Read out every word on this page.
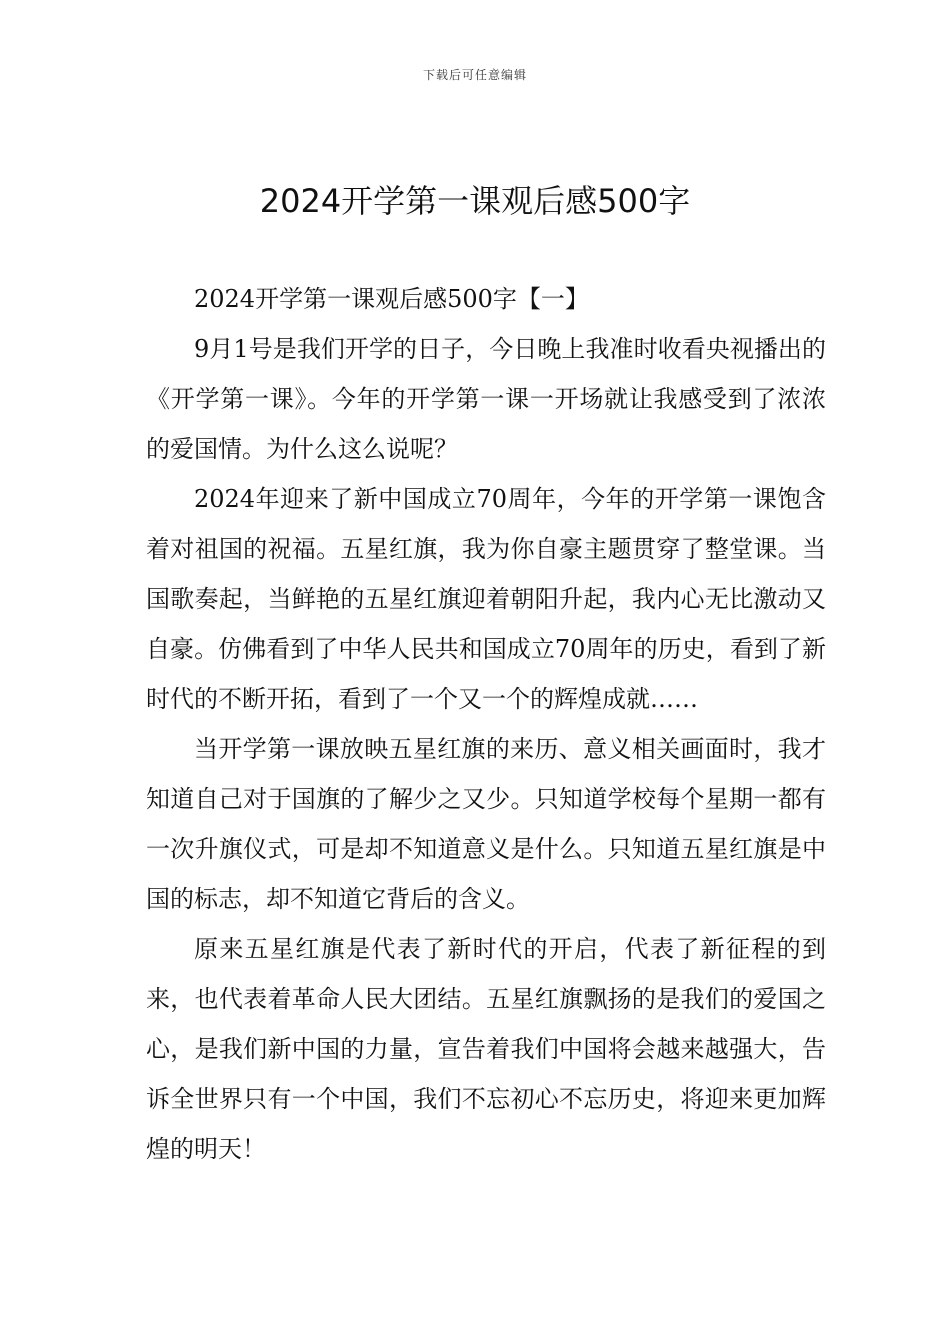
下载后可任意编辑
2024开学第一课观后感500字

2024开学第一课观后感500字【一】

9月1号是我们开学的日子，今日晚上我准时收看央视播出的《开学第一课》。今年的开学第一课一开场就让我感受到了浓浓的爱国情。为什么这么说呢？

2024年迎来了新中国成立70周年，今年的开学第一课饱含着对祖国的祝福。五星红旗，我为你自豪主题贯穿了整堂课。当国歌奏起，当鲜艳的五星红旗迎着朝阳升起，我内心无比激动又自豪。仿佛看到了中华人民共和国成立70周年的历史，看到了新时代的不断开拓，看到了一个又一个的辉煌成就……

当开学第一课放映五星红旗的来历、意义相关画面时，我才知道自己对于国旗的了解少之又少。只知道学校每个星期一都有一次升旗仪式，可是却不知道意义是什么。只知道五星红旗是中国的标志，却不知道它背后的含义。

原来五星红旗是代表了新时代的开启，代表了新征程的到来，也代表着革命人民大团结。五星红旗飘扬的是我们的爱国之心，是我们新中国的力量，宣告着我们中国将会越来越强大，告诉全世界只有一个中国，我们不忘初心不忘历史，将迎来更加辉煌的明天！
